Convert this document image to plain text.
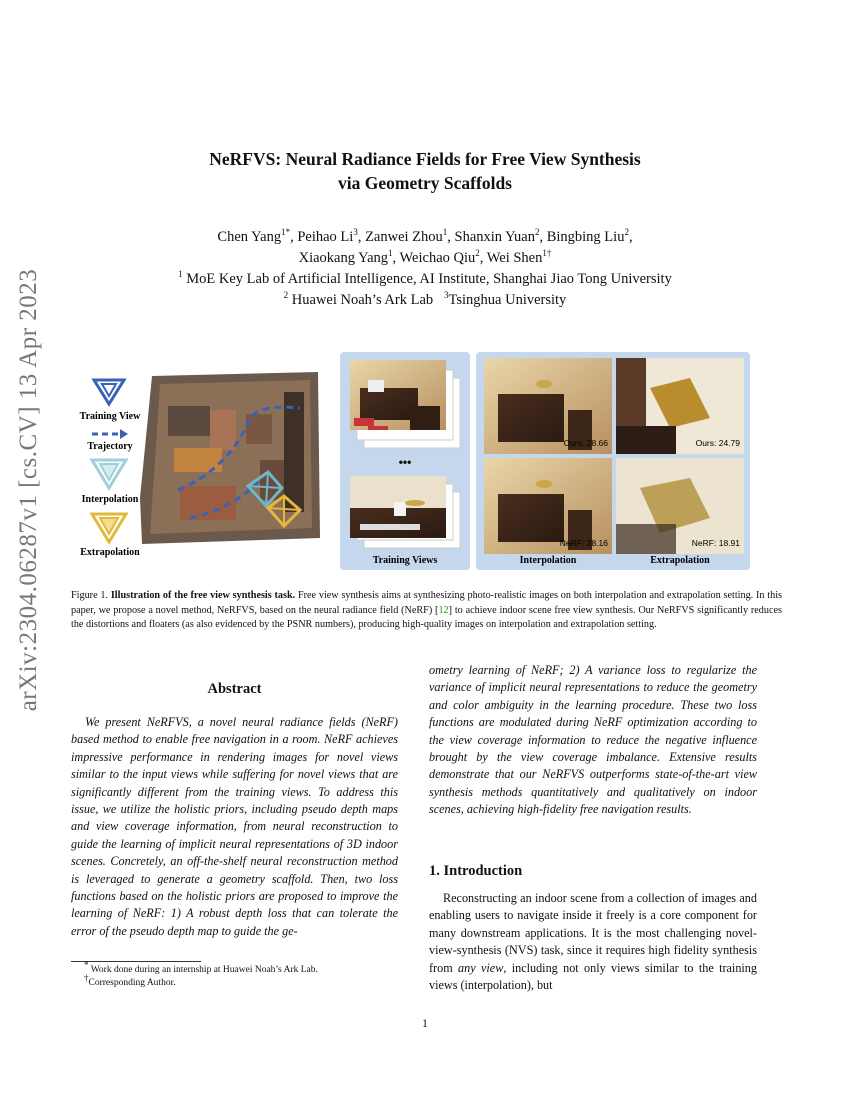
arXiv:2304.06287v1 [cs.CV] 13 Apr 2023
NeRFVS: Neural Radiance Fields for Free View Synthesis
via Geometry Scaffolds
Chen Yang$^{1*}$, Peihao Li$^3$, Zanwei Zhou$^1$, Shanxin Yuan$^2$, Bingbing Liu$^2$,
Xiaokang Yang$^1$, Weichao Qiu$^2$, Wei Shen$^{1\dagger}$
$^1$ MoE Key Lab of Artificial Intelligence, AI Institute, Shanghai Jiao Tong University
$^2$ Huawei Noah’s Ark Lab $^3$Tsinghua University
Training View
Trajectory
Interpolation
Extrapolation
•••
Training Views
Ours: 28.66	Ours: 24.79
NeRF: 28.16	NeRF: 18.91
Interpolation	Extrapolation
Figure 1. Illustration of the free view synthesis task. Free view synthesis aims at synthesizing photo-realistic images on both interpolation and extrapolation setting. In this paper, we propose a novel method, NeRFVS, based on the neural radiance field (NeRF) [12] to achieve indoor scene free view synthesis. Our NeRFVS significantly reduces the distortions and floaters (as also evidenced by the PSNR numbers), producing high-quality images on interpolation and extrapolation setting.
Abstract

We present NeRFVS, a novel neural radiance fields (NeRF) based method to enable free navigation in a room. NeRF achieves impressive performance in rendering images for novel views similar to the input views while suffering for novel views that are significantly different from the training views. To address this issue, we utilize the holistic priors, including pseudo depth maps and view coverage information, from neural reconstruction to guide the learning of implicit neural representations of 3D indoor scenes. Concretely, an off-the-shelf neural reconstruction method is leveraged to generate a geometry scaffold. Then, two loss functions based on the holistic priors are proposed to improve the learning of NeRF: 1) A robust depth loss that can tolerate the error of the pseudo depth map to guide the ge-

* Work done during an internship at Huawei Noah’s Ark Lab.
†Corresponding Author.

ometry learning of NeRF; 2) A variance loss to regularize the variance of implicit neural representations to reduce the geometry and color ambiguity in the learning procedure. These two loss functions are modulated during NeRF optimization according to the view coverage information to reduce the negative influence brought by the view coverage imbalance. Extensive results demonstrate that our NeRFVS outperforms state-of-the-art view synthesis methods quantitatively and qualitatively on indoor scenes, achieving high-fidelity free navigation results.

1. Introduction

Reconstructing an indoor scene from a collection of images and enabling users to navigate inside it freely is a core component for many downstream applications. It is the most challenging novel-view-synthesis (NVS) task, since it requires high fidelity synthesis from any view, including not only views similar to the training views (interpolation), but

1
